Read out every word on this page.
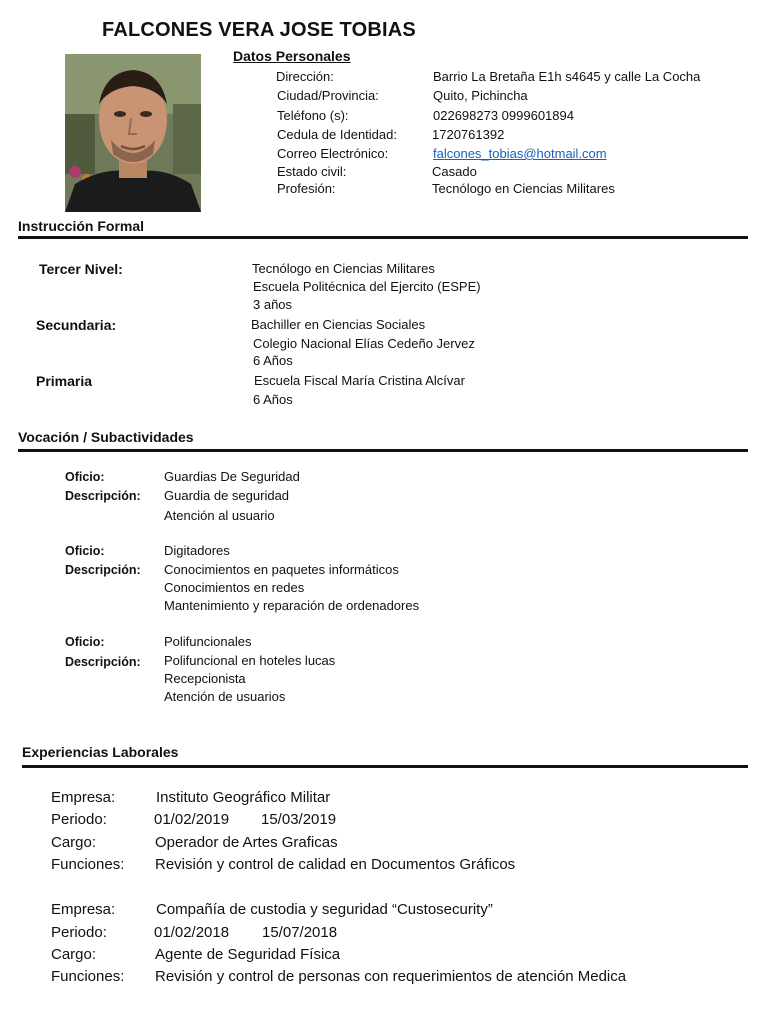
FALCONES VERA JOSE TOBIAS
Datos Personales
Dirección:	Barrio La Bretaña E1h s4645 y calle La Cocha
Ciudad/Provincia:	Quito, Pichincha
Teléfono (s):	022698273 0999601894
Cedula de Identidad:	1720761392
Correo Electrónico:	falcones_tobias@hotmail.com
Estado civil:	Casado
Profesión:	Tecnólogo en Ciencias Militares
Instrucción Formal
Tercer Nivel:	Tecnólogo en Ciencias Militares
Escuela Politécnica del Ejercito (ESPE)
3 años
Secundaria:	Bachiller en Ciencias Sociales
Colegio Nacional Elías Cedeño Jervez
6 Años
Primaria	Escuela Fiscal María Cristina Alcívar
6 Años
Vocación / Subactividades
Oficio:	Guardias De Seguridad
Descripción: Guardia de seguridad
Atención al usuario
Oficio:	Digitadores
Descripción: Conocimientos en paquetes informáticos
Conocimientos en redes
Mantenimiento y reparación de ordenadores
Oficio:	Polifuncionales
Descripción: Polifuncional en hoteles lucas
Recepcionista
Atención de usuarios
Experiencias Laborales
Empresa:	Instituto Geográfico Militar
Periodo:	01/02/2019 15/03/2019
Cargo:	Operador de Artes Graficas
Funciones: Revisión y control de calidad en Documentos Gráficos
Empresa:	Compañía de custodia y seguridad “Custosecurity”
Periodo:	01/02/2018 15/07/2018
Cargo:	Agente de Seguridad Física
Funciones: Revisión y control de personas con requerimientos de atención Medica
